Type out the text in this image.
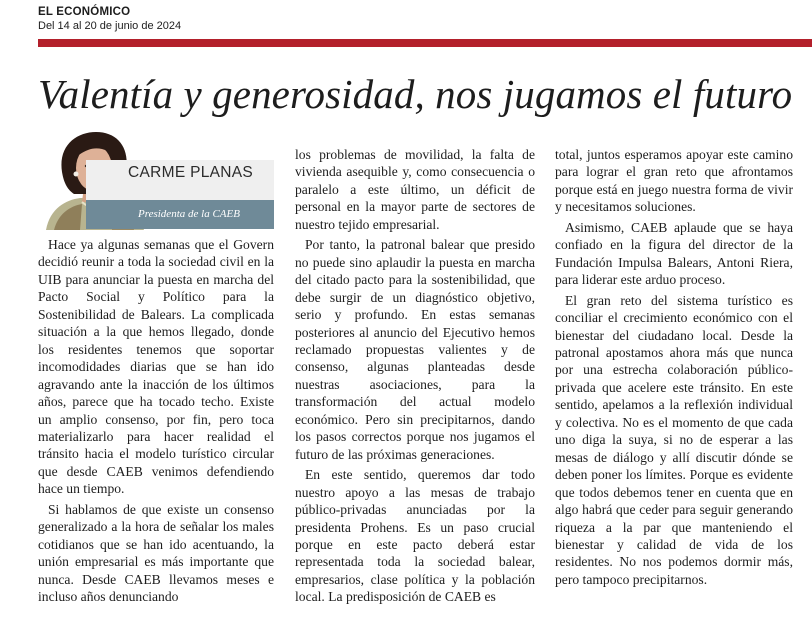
EL ECONÓMICO
Del 14 al 20 de junio de 2024
Valentía y generosidad, nos jugamos el futuro
CARME PLANAS
Presidenta de la CAEB

Hace ya algunas semanas que el Govern decidió reunir a toda la sociedad civil en la UIB para anunciar la puesta en marcha del Pacto Social y Político para la Sostenibilidad de Balears. La complicada situación a la que hemos llegado, donde los residentes tenemos que soportar incomodidades diarias que se han ido agravando ante la inacción de los últimos años, parece que ha tocado techo. Existe un amplio consenso, por fin, pero toca materializarlo para hacer realidad el tránsito hacia el modelo turístico circular que desde CAEB venimos defendiendo hace un tiempo.

Si hablamos de que existe un consenso generalizado a la hora de señalar los males cotidianos que se han ido acentuando, la unión empresarial es más importante que nunca. Desde CAEB llevamos meses e incluso años denunciando

los problemas de movilidad, la falta de vivienda asequible y, como consecuencia o paralelo a este último, un déficit de personal en la mayor parte de sectores de nuestro tejido empresarial.

Por tanto, la patronal balear que presido no puede sino aplaudir la puesta en marcha del citado pacto para la sostenibilidad, que debe surgir de un diagnóstico objetivo, serio y profundo. En estas semanas posteriores al anuncio del Ejecutivo hemos reclamado propuestas valientes y de consenso, algunas planteadas desde nuestras asociaciones, para la transformación del actual modelo económico. Pero sin precipitarnos, dando los pasos correctos porque nos jugamos el futuro de las próximas generaciones.

En este sentido, queremos dar todo nuestro apoyo a las mesas de trabajo público-privadas anunciadas por la presidenta Prohens. Es un paso crucial porque en este pacto deberá estar representada toda la sociedad balear, empresarios, clase política y la población local. La predisposición de CAEB es

total, juntos esperamos apoyar este camino para lograr el gran reto que afrontamos porque está en juego nuestra forma de vivir y necesitamos soluciones.

Asimismo, CAEB aplaude que se haya confiado en la figura del director de la Fundación Impulsa Balears, Antoni Riera, para liderar este arduo proceso.

El gran reto del sistema turístico es conciliar el crecimiento económico con el bienestar del ciudadano local. Desde la patronal apostamos ahora más que nunca por una estrecha colaboración público-privada que acelere este tránsito. En este sentido, apelamos a la reflexión individual y colectiva. No es el momento de que cada uno diga la suya, si no de esperar a las mesas de diálogo y allí discutir dónde se deben poner los límites. Porque es evidente que todos debemos tener en cuenta que en algo habrá que ceder para seguir generando riqueza a la par que manteniendo el bienestar y calidad de vida de los residentes. No nos podemos dormir más, pero tampoco precipitarnos.
